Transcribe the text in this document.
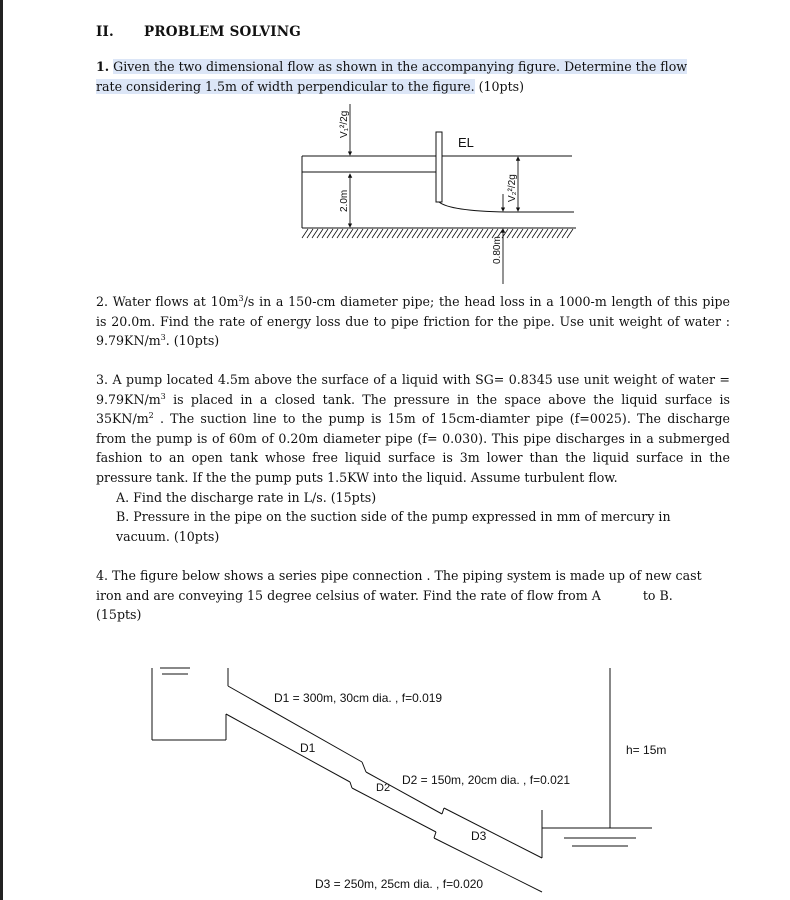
II. PROBLEM SOLVING
1. Given the two dimensional flow as shown in the accompanying figure. Determine the flow
rate considering 1.5m of width perpendicular to the figure. (10pts)
V₁²/2g
2.0m
EL
V₂²/2g
0.80m
2. Water flows at $10m^3/s$ in a 150-cm diameter pipe; the head loss in a 1000-m length of this pipe is 20.0m. Find the rate of energy loss due to pipe friction for the pipe. Use unit weight of water : $9.79KN/m^3$. (10pts)
3. A pump located 4.5m above the surface of a liquid with SG= 0.8345 use unit weight of water = $9.79KN/m^3$ is placed in a closed tank. The pressure in the space above the liquid surface is $35KN/m^2$ . The suction line to the pump is 15m of 15cm-diamter pipe (f=0025). The discharge from the pump is of 60m of 0.20m diameter pipe (f= 0.030). This pipe discharges in a submerged fashion to an open tank whose free liquid surface is 3m lower than the liquid surface in the pressure tank. If the the pump puts 1.5KW into the liquid. Assume turbulent flow.
A. Find the discharge rate in L/s. (15pts)
B. Pressure in the pipe on the suction side of the pump expressed in mm of mercury in
vacuum. (10pts)
4. The figure below shows a series pipe connection . The piping system is made up of new cast
iron and are conveying 15 degree celsius of water. Find the rate of flow from A	to B.
(15pts)
D1 = 300m, 30cm dia. , f=0.019
D1	h= 15m
D2
D2 = 150m, 20cm dia. , f=0.021
D3
D3 = 250m, 25cm dia. , f=0.020
